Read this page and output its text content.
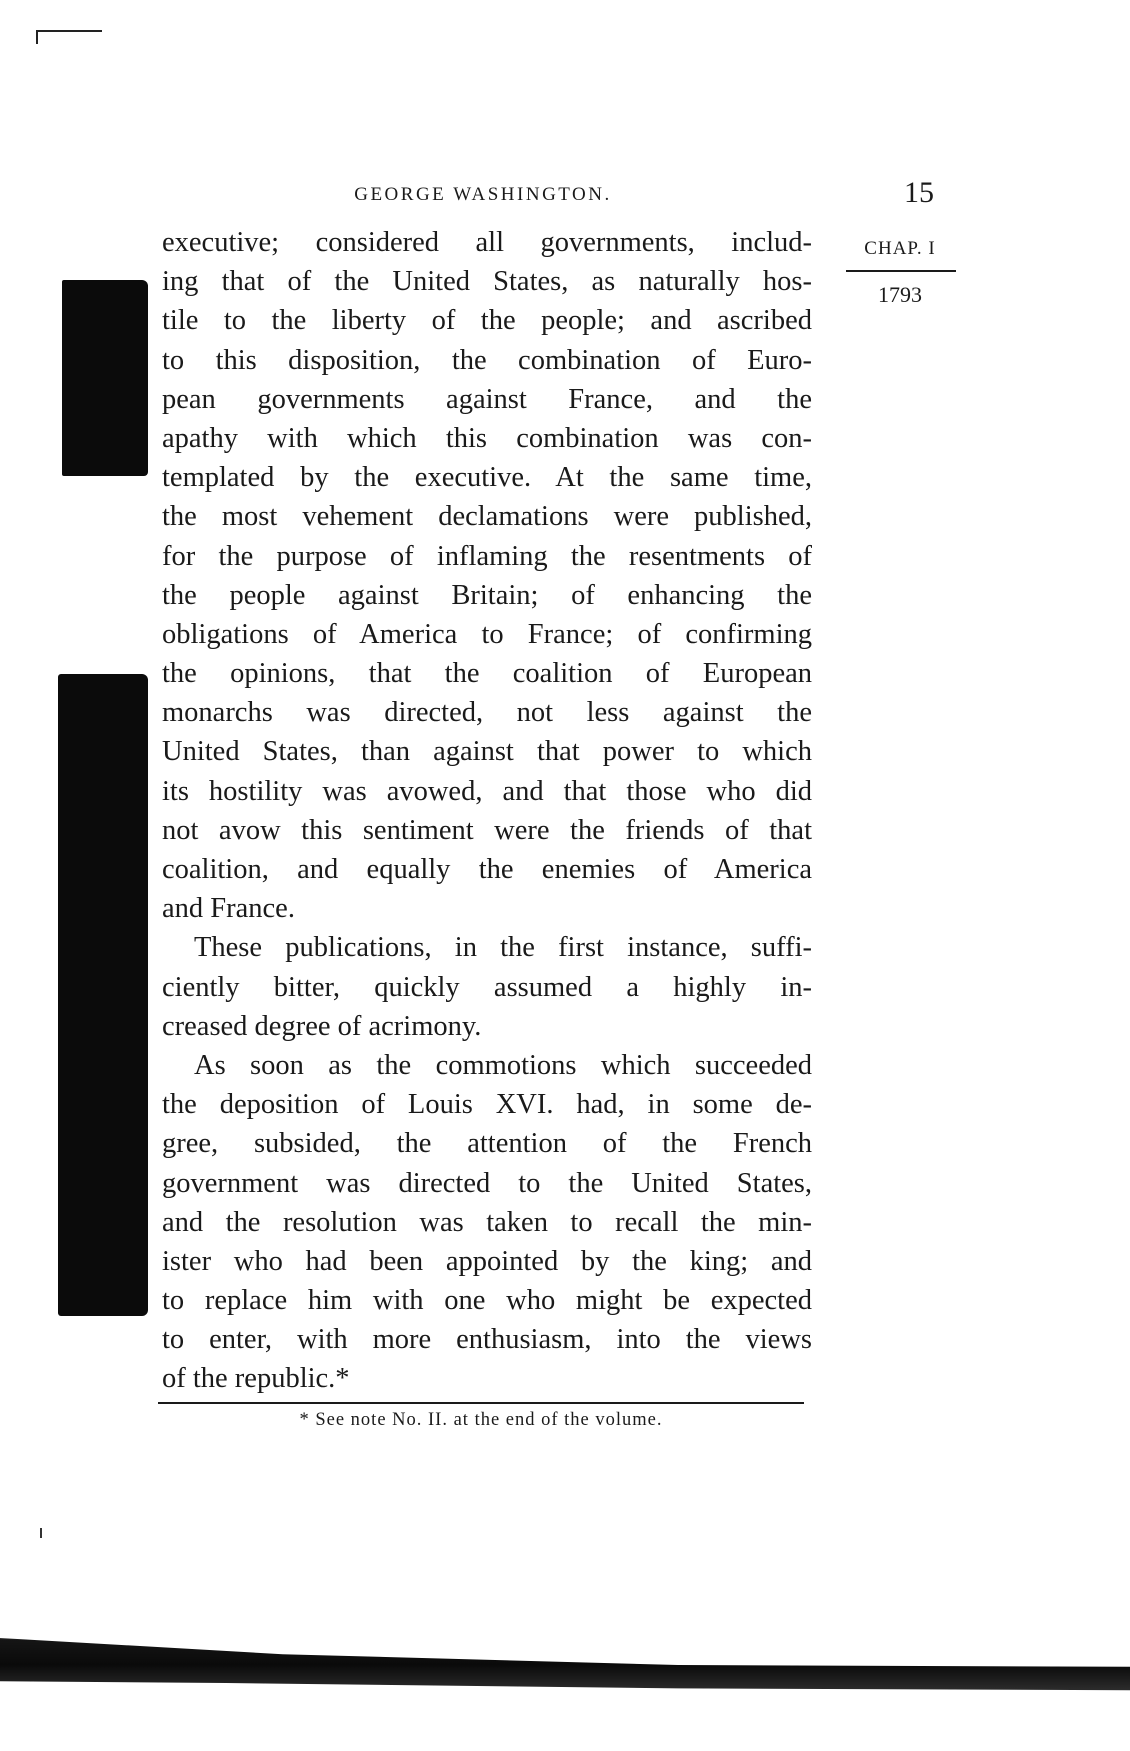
GEORGE WASHINGTON.	15
CHAP. I
1793

executive; considered all governments, includ-
ing that of the United States, as naturally hos-
tile to the liberty of the people; and ascribed
to this disposition, the combination of Euro-
pean governments against France, and the
apathy with which this combination was con-
templated by the executive. At the same time,
the most vehement declamations were published,
for the purpose of inflaming the resentments of
the people against Britain; of enhancing the
obligations of America to France; of confirming
the opinions, that the coalition of European
monarchs was directed, not less against the
United States, than against that power to which
its hostility was avowed, and that those who did
not avow this sentiment were the friends of that
coalition, and equally the enemies of America
and France.

These publications, in the first instance, suffi-
ciently bitter, quickly assumed a highly in-
creased degree of acrimony.

As soon as the commotions which succeeded
the deposition of Louis XVI. had, in some de-
gree, subsided, the attention of the French
government was directed to the United States,
and the resolution was taken to recall the min-
ister who had been appointed by the king; and
to replace him with one who might be expected
to enter, with more enthusiasm, into the views
of the republic.*

* See note No. II. at the end of the volume.
